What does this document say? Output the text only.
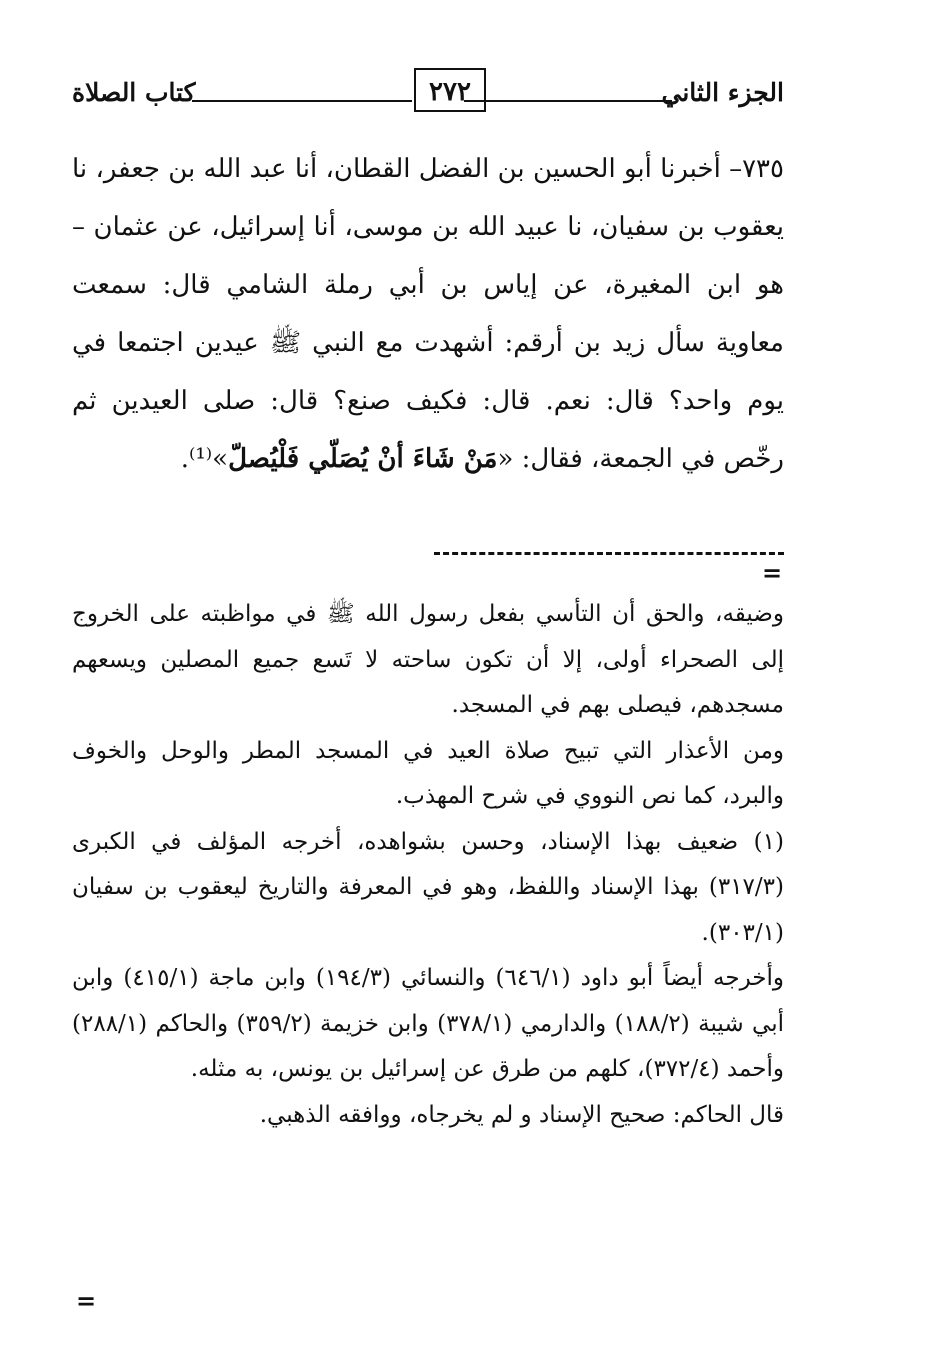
الجزء الثاني
٢٧٢
كتاب الصلاة

٧٣٥– أخبرنا أبو الحسين بن الفضل القطان، أنا عبد الله بن جعفر، نا يعقوب بن سفيان، نا عبيد الله بن موسى، أنا إسرائيل، عن عثمان – هو ابن المغيرة، عن إياس بن أبي رملة الشامي قال: سمعت معاوية سأل زيد بن أرقم: أشهدت مع النبي ﷺ عيدين اجتمعا في يوم واحد؟ قال: نعم. قال: فكيف صنع؟ قال: صلى العيدين ثم رخّص في الجمعة، فقال: «مَنْ شَاءَ أنْ يُصَلّي فَلْيُصلّ»⁽¹⁾.

=

وضيقه، والحق أن التأسي بفعل رسول الله ﷺ في مواظبته على الخروج إلى الصحراء أولى، إلا أن تكون ساحته لا تَسع جميع المصلين ويسعهم مسجدهم، فيصلى بهم في المسجد.

ومن الأعذار التي تبيح صلاة العيد في المسجد المطر والوحل والخوف والبرد، كما نص النووي في شرح المهذب.

(١) ضعيف بهذا الإسناد، وحسن بشواهده، أخرجه المؤلف في الكبرى (٣١٧/٣) بهذا الإسناد واللفظ، وهو في المعرفة والتاريخ ليعقوب بن سفيان (٣٠٣/١).

وأخرجه أيضاً أبو داود (٦٤٦/١) والنسائي (١٩٤/٣) وابن ماجة (٤١٥/١) وابن أبي شيبة (١٨٨/٢) والدارمي (٣٧٨/١) وابن خزيمة (٣٥٩/٢) والحاكم (٢٨٨/١) وأحمد (٣٧٢/٤)، كلهم من طرق عن إسرائيل بن يونس، به مثله.

قال الحاكم: صحيح الإسناد و لم يخرجاه، ووافقه الذهبي.

=
